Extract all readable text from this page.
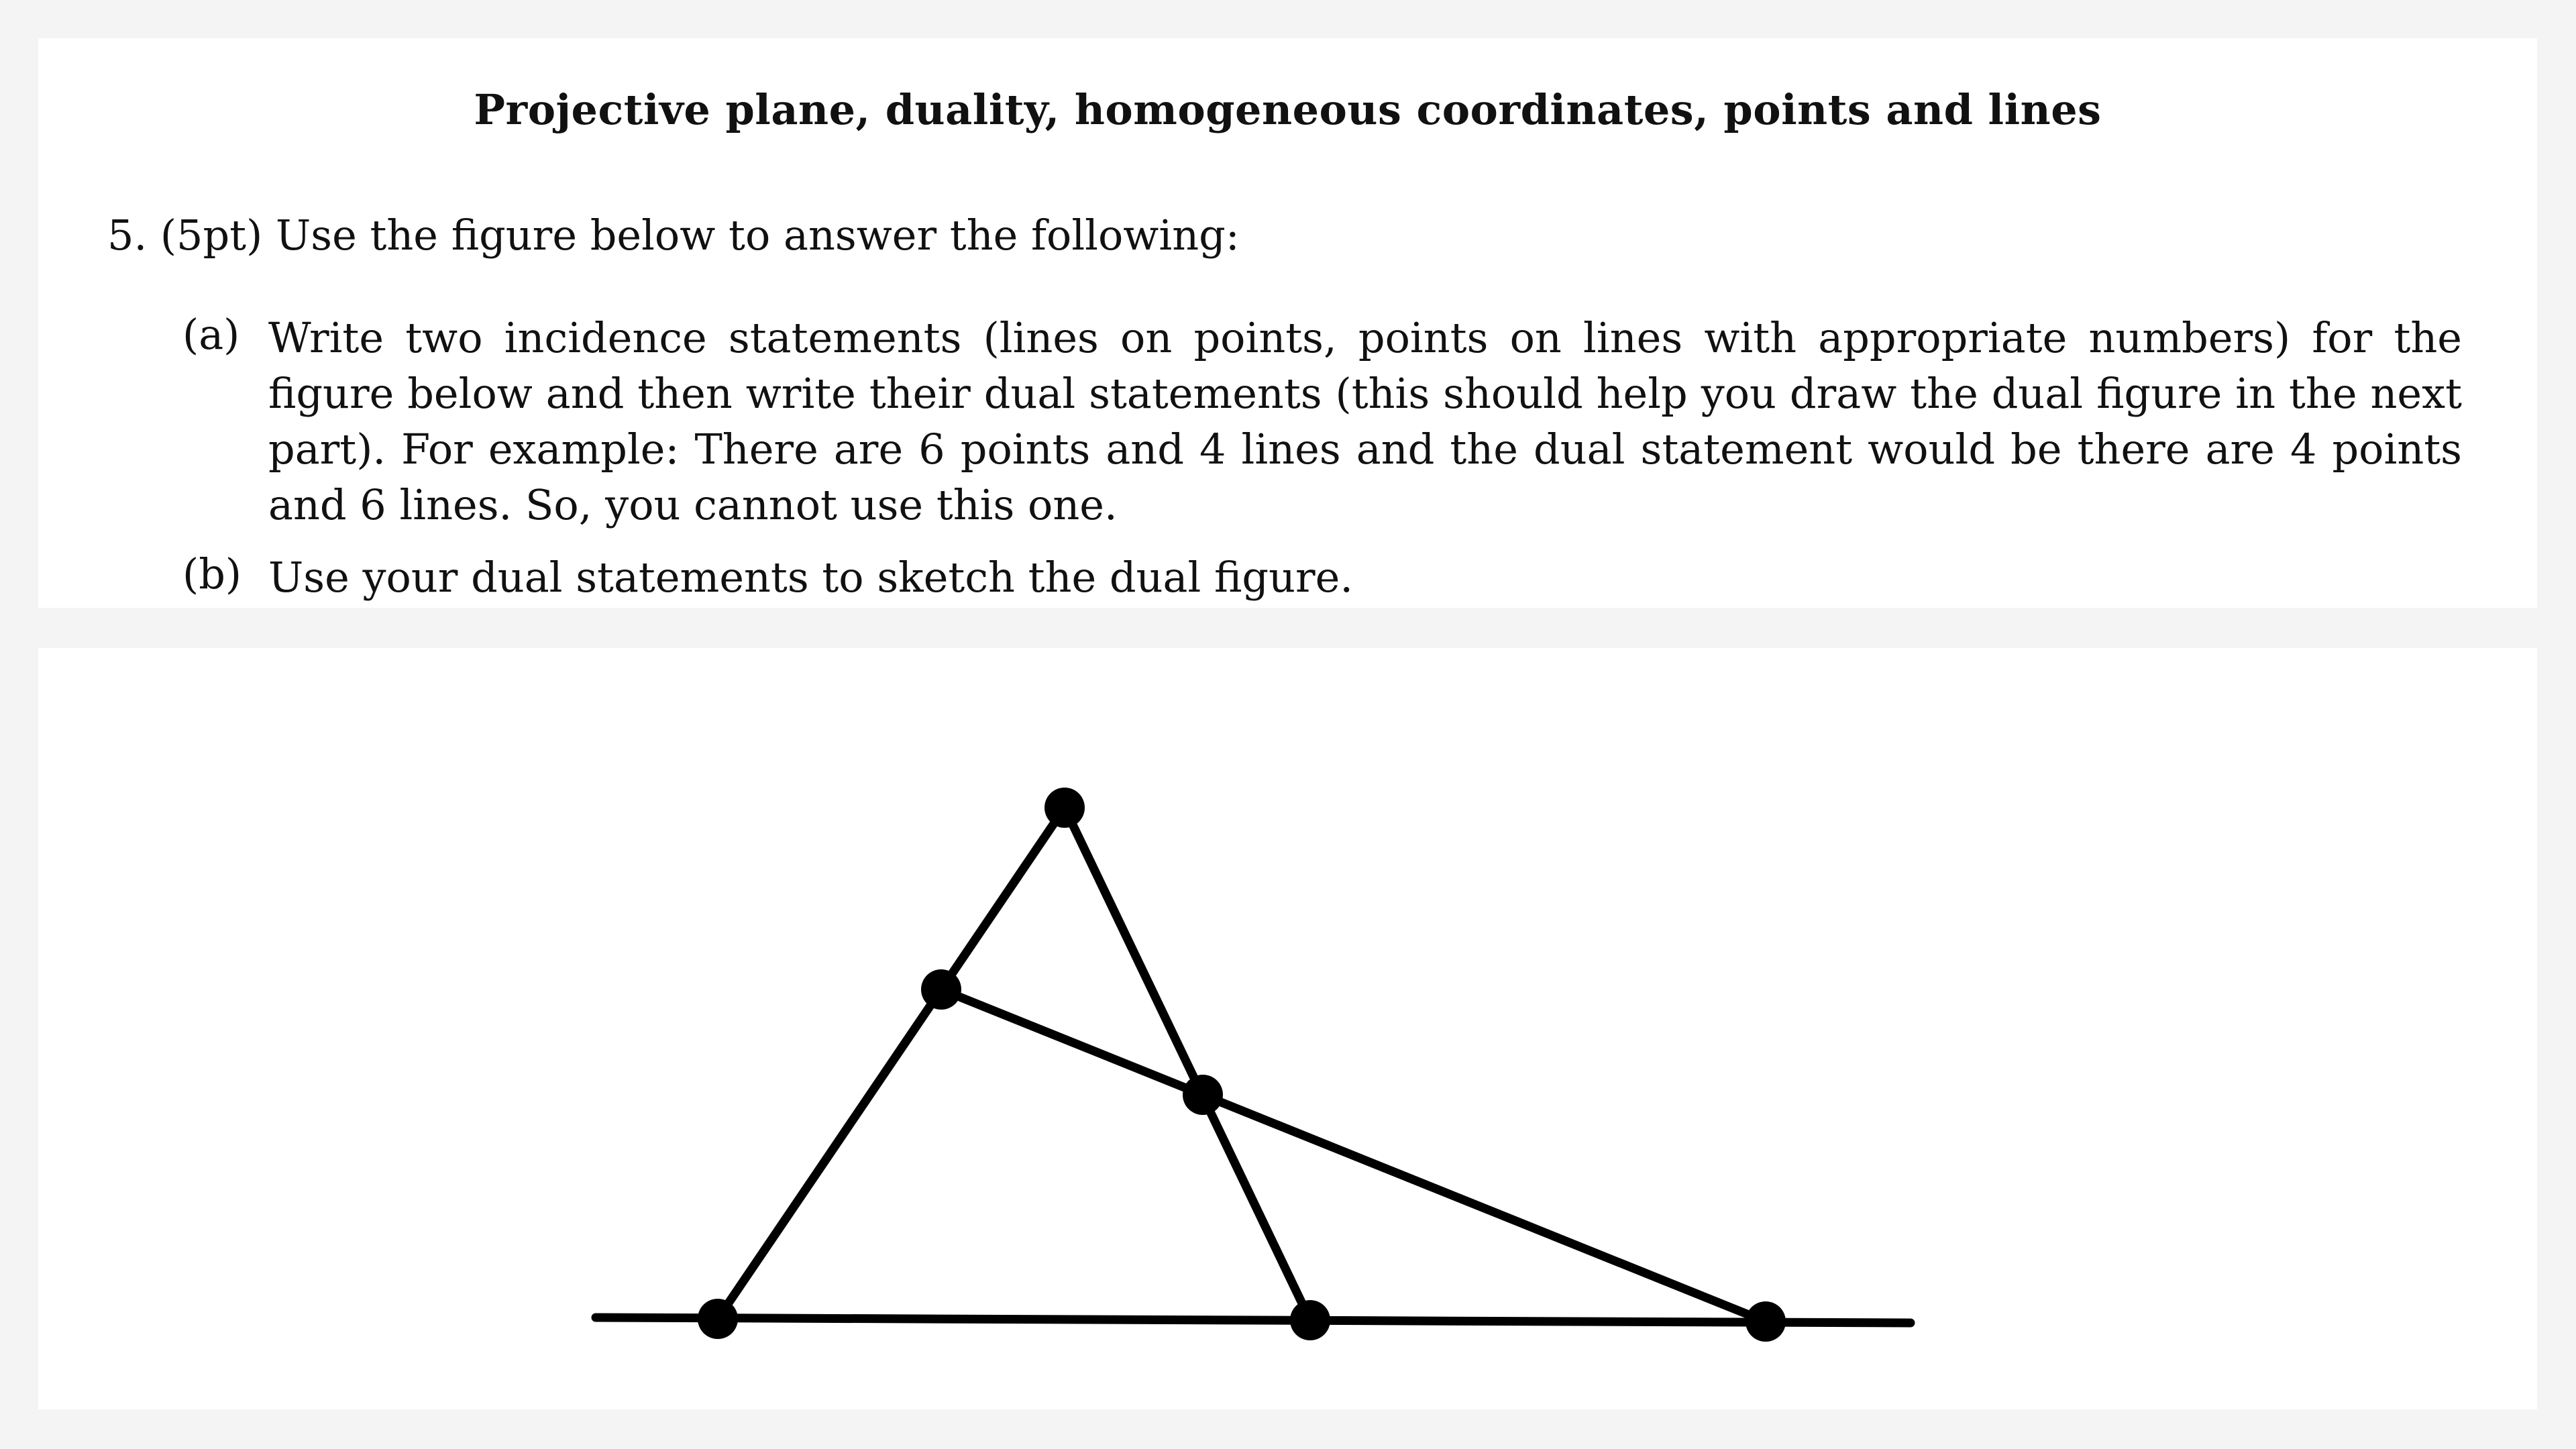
Projective plane, duality, homogeneous coordinates, points and lines
5. (5pt) Use the figure below to answer the following:
(a) Write two incidence statements (lines on points, points on lines with appropriate numbers) for the figure below and then write their dual statements (this should help you draw the dual figure in the next part). For example: There are 6 points and 4 lines and the dual statement would be there are 4 points and 6 lines. So, you cannot use this one.
(b) Use your dual statements to sketch the dual figure.
